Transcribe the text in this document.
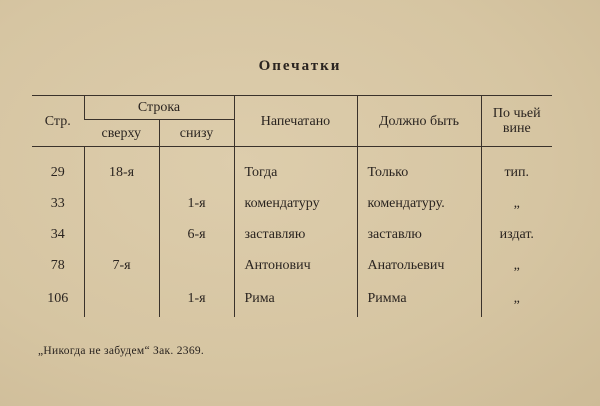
Опечатки
Стр.	Строка		Напечатано	Должно быть	По чьей
вине
	сверху	снизу			
29	18-я		Тогда	Только	тип.
33		1-я	комендатуру	комендатуру.	„
34		6-я	заставляю	заставлю	издат.
78	7-я		Антонович	Анатольевич	„
106		1-я	Рима	Римма	„
„Никогда не забудем“ Зак. 2369.
